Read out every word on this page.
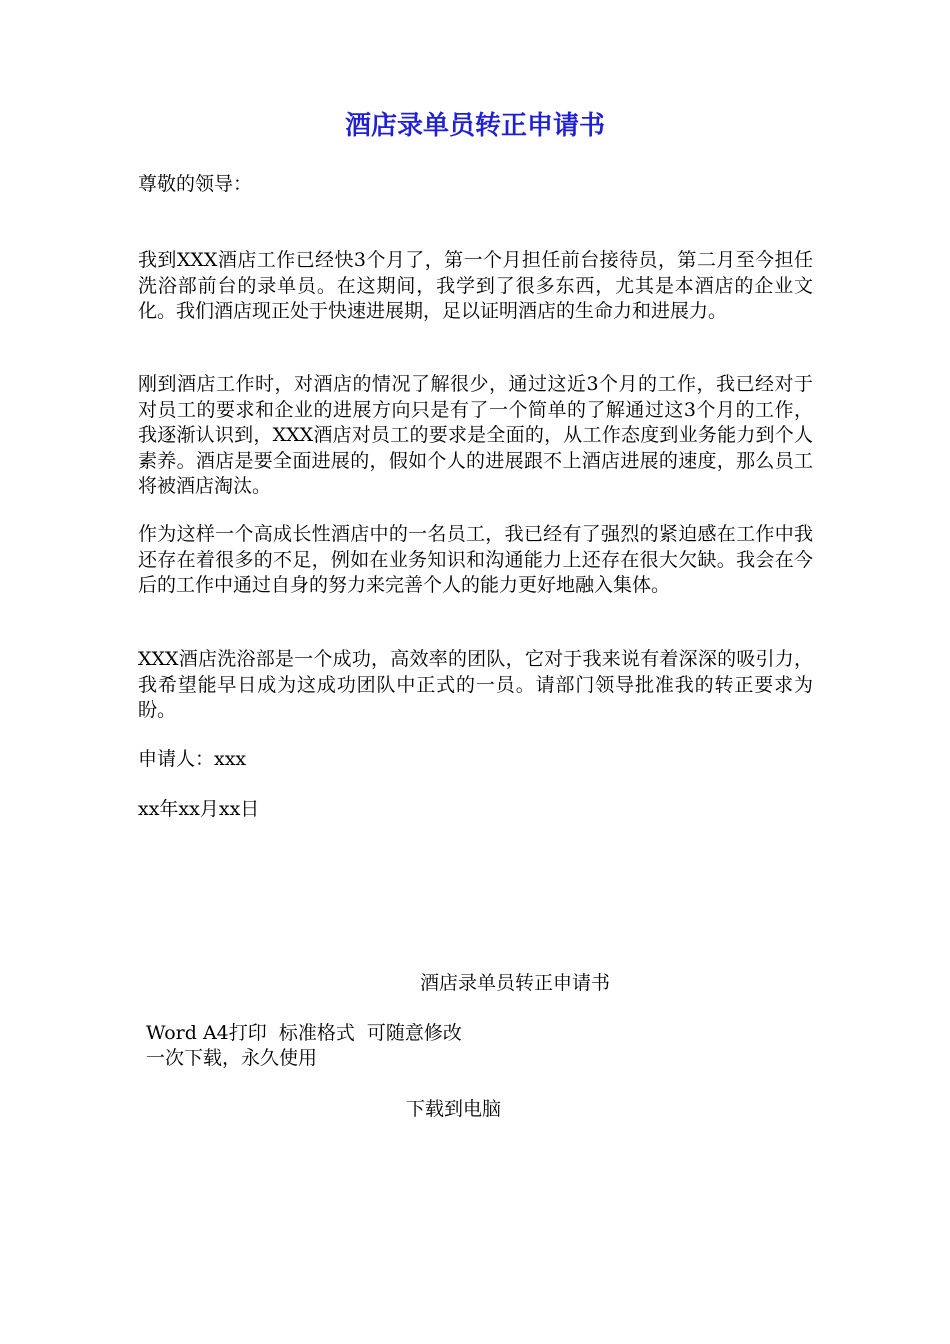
酒店录单员转正申请书
尊敬的领导：
我到XXX酒店工作已经快3个月了，第一个月担任前台接待员，第二月至今担任洗浴部前台的录单员。在这期间，我学到了很多东西，尤其是本酒店的企业文化。我们酒店现正处于快速进展期，足以证明酒店的生命力和进展力。
刚到酒店工作时，对酒店的情况了解很少，通过这近3个月的工作，我已经对于对员工的要求和企业的进展方向只是有了一个简单的了解通过这3个月的工作，我逐渐认识到，XXX酒店对员工的要求是全面的，从工作态度到业务能力到个人素养。酒店是要全面进展的，假如个人的进展跟不上酒店进展的速度，那么员工将被酒店淘汰。
作为这样一个高成长性酒店中的一名员工，我已经有了强烈的紧迫感在工作中我还存在着很多的不足，例如在业务知识和沟通能力上还存在很大欠缺。我会在今后的工作中通过自身的努力来完善个人的能力更好地融入集体。
XXX酒店洗浴部是一个成功，高效率的团队，它对于我来说有着深深的吸引力，我希望能早日成为这成功团队中正式的一员。请部门领导批准我的转正要求为盼。
申请人：xxx
xx年xx月xx日
酒店录单员转正申请书
Word A4打印  标准格式  可随意修改
一次下载，永久使用
下载到电脑
